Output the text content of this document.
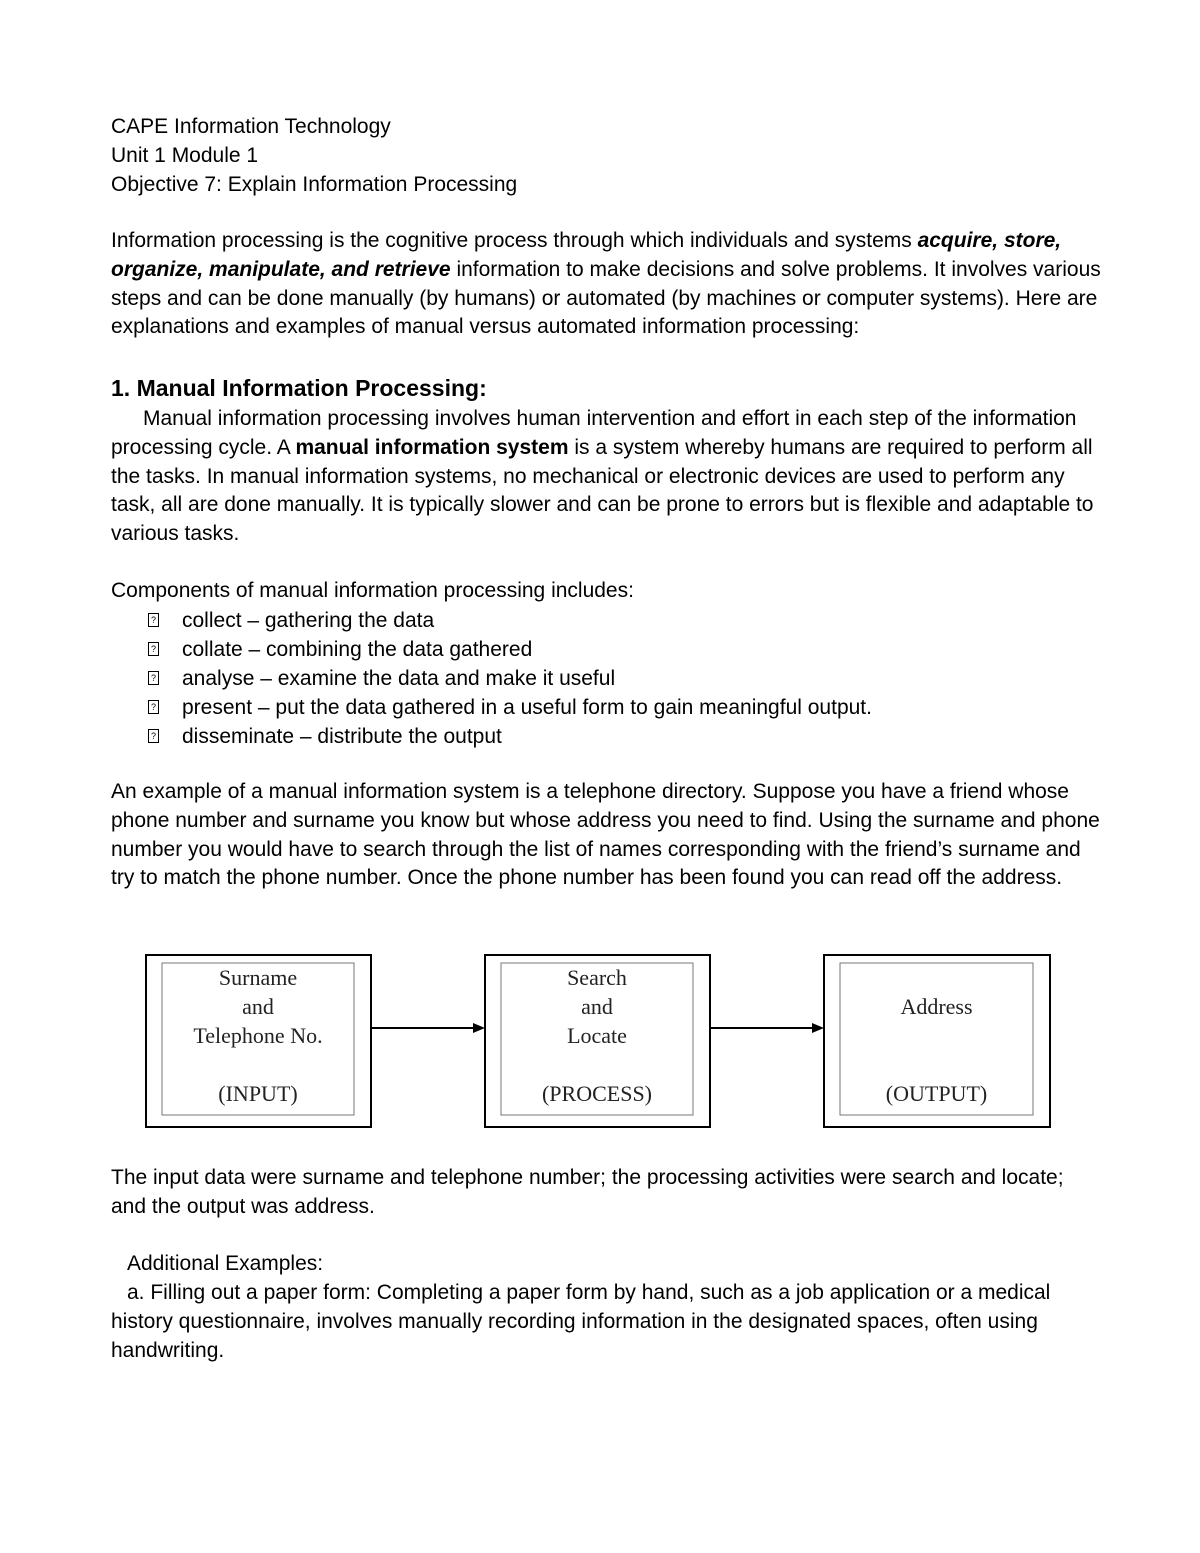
CAPE Information Technology
Unit 1 Module 1
Objective 7: Explain Information Processing

Information processing is the cognitive process through which individuals and systems acquire, store, organize, manipulate, and retrieve information to make decisions and solve problems. It involves various steps and can be done manually (by humans) or automated (by machines or computer systems). Here are explanations and examples of manual versus automated information processing:

1. Manual Information Processing:

Manual information processing involves human intervention and effort in each step of the information processing cycle. A manual information system is a system whereby humans are required to perform all the tasks. In manual information systems, no mechanical or electronic devices are used to perform any task, all are done manually. It is typically slower and can be prone to errors but is flexible and adaptable to various tasks.

Components of manual information processing includes:

? collect – gathering the data
? collate – combining the data gathered
? analyse – examine the data and make it useful
? present – put the data gathered in a useful form to gain meaningful output.
? disseminate – distribute the output

An example of a manual information system is a telephone directory. Suppose you have a friend whose phone number and surname you know but whose address you need to find. Using the surname and phone number you would have to search through the list of names corresponding with the friend’s surname and try to match the phone number. Once the phone number has been found you can read off the address.

Surname
and
Telephone No.
(INPUT)
Search
and
Locate
(PROCESS)
Address
(OUTPUT)

The input data were surname and telephone number; the processing activities were search and locate; and the output was address.

Additional Examples:

a. Filling out a paper form: Completing a paper form by hand, such as a job application or a medical history questionnaire, involves manually recording information in the designated spaces, often using handwriting.
